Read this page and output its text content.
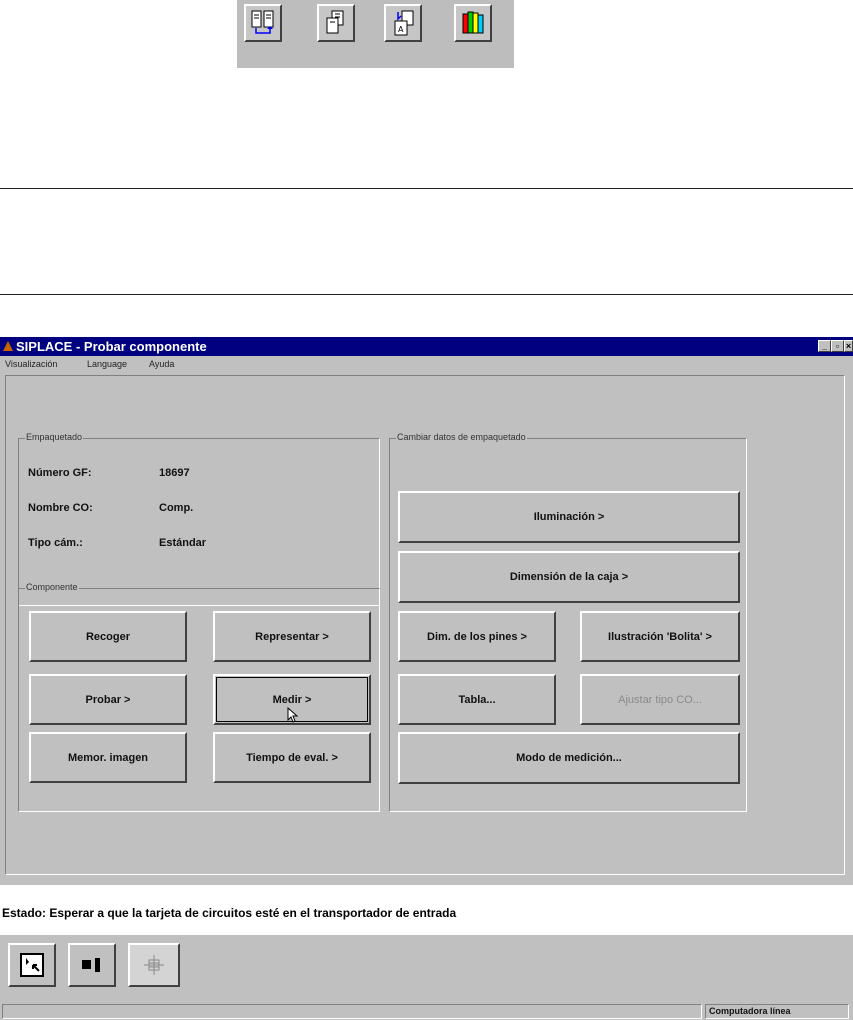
A
SIPLACE - Probar componente	_ ▫ ×
Visualización	Language Ayuda
Empaquetado
Número GF:	18697
Nombre CO:	Comp.
Tipo cám.:	Estándar
Componente
Recoger	Representar >
Probar >	Medir >
Memor. imagen	Tiempo de eval. >
Cambiar datos de empaquetado
Iluminación >
Dimensión de la caja >
Dim. de los pines >	Ilustración 'Bolita' >
Tabla...	Ajustar tipo CO...
Modo de medición...
Estado: Esperar a que la tarjeta de circuitos esté en el transportador de entrada
Computadora línea
